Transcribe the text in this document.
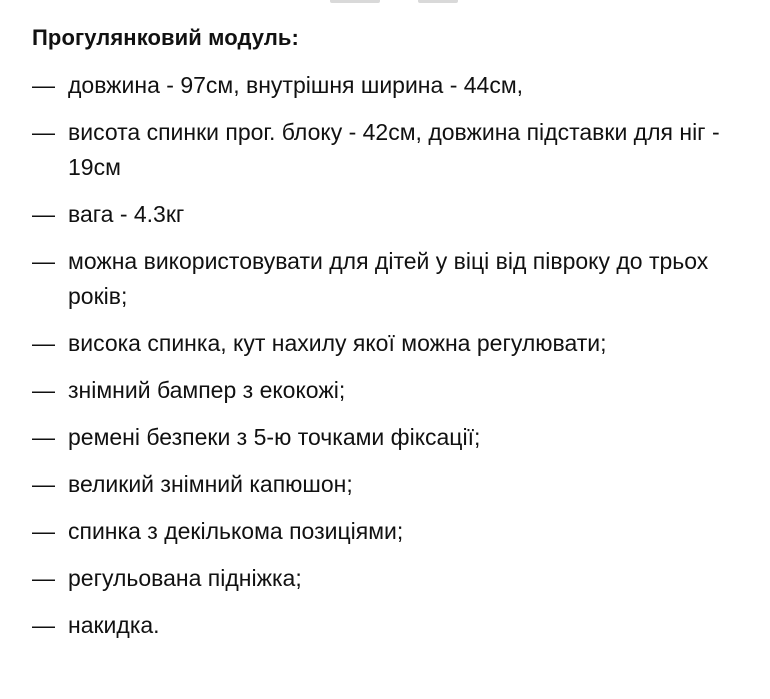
Прогулянковий модуль:
— довжина - 97см, внутрішня ширина - 44см,
— висота спинки прог. блоку - 42см, довжина підставки для ніг - 19см
— вага - 4.3кг
— можна використовувати для дітей у віці від півроку до трьох років;
— висока спинка, кут нахилу якої можна регулювати;
— знімний бампер з екокожі;
— ремені безпеки з 5-ю точками фіксації;
— великий знімний капюшон;
— спинка з декількома позиціями;
— регульована підніжка;
— накидка.
